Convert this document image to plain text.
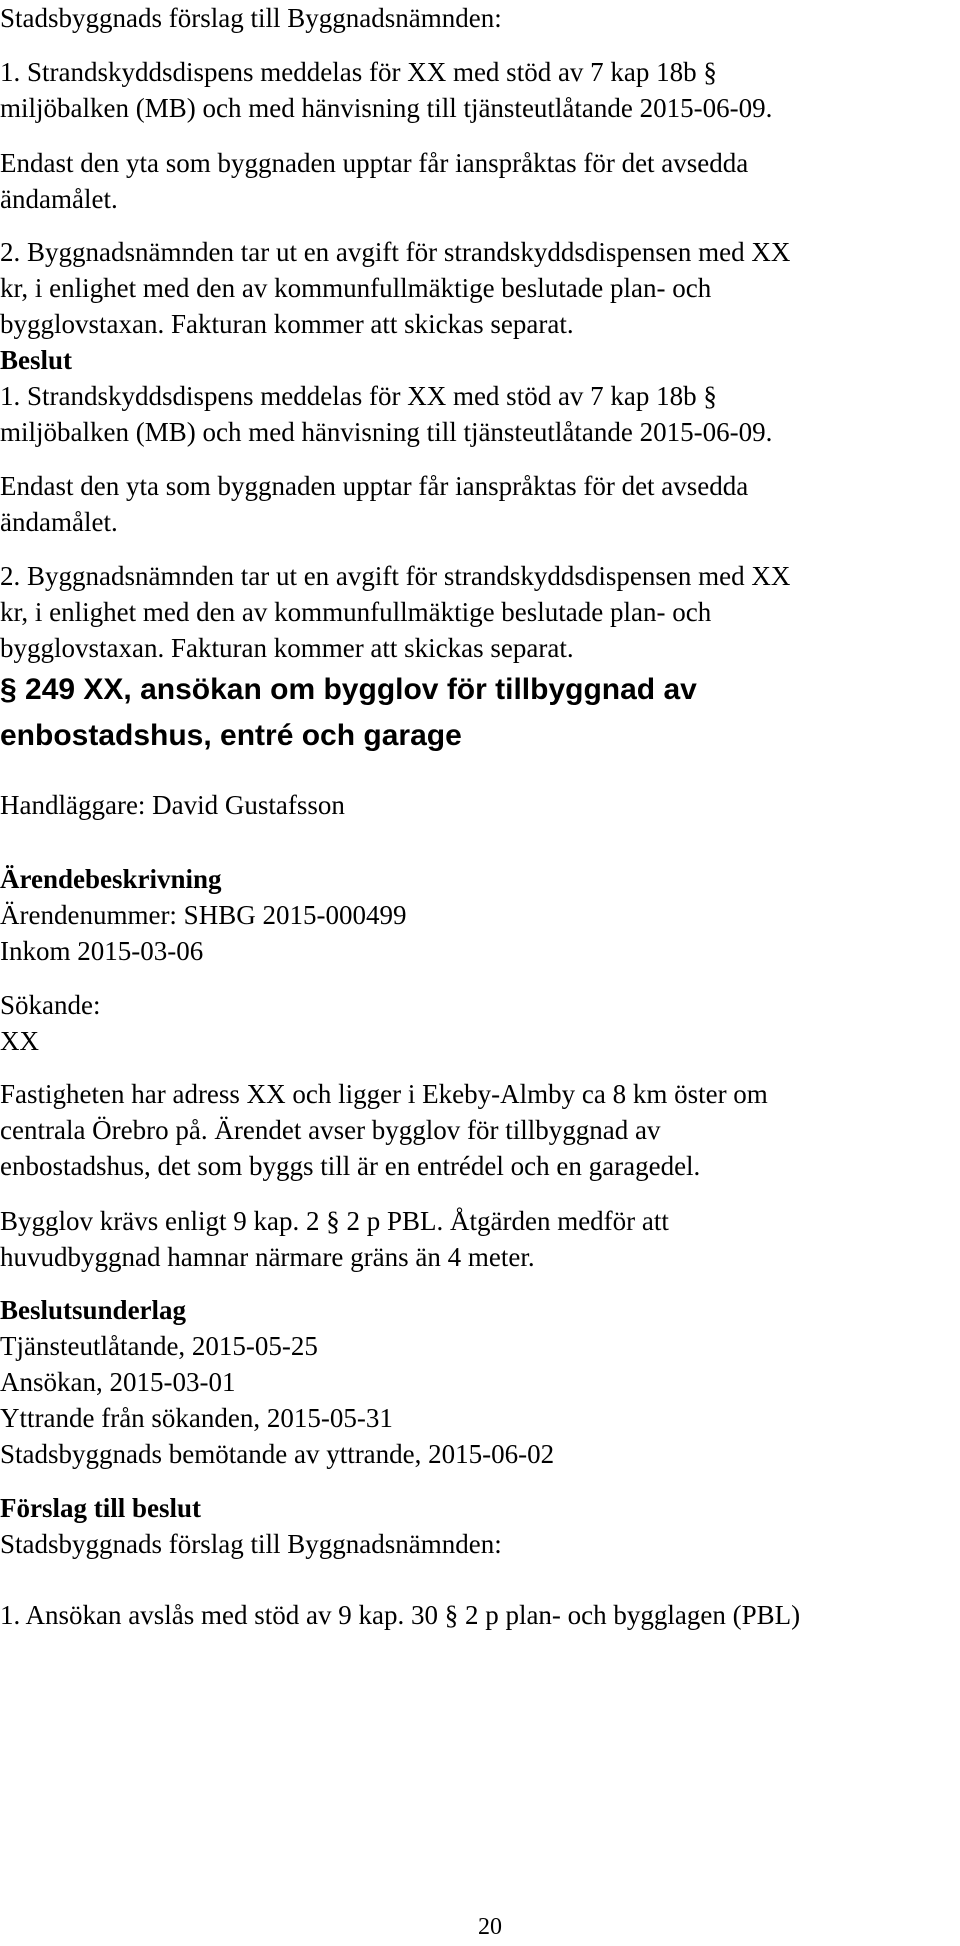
Stadsbyggnads förslag till Byggnadsnämnden:
1. Strandskyddsdispens meddelas för XX med stöd av 7 kap 18b §
miljöbalken (MB) och med hänvisning till tjänsteutlåtande 2015-06-09.
Endast den yta som byggnaden upptar får ianspråktas för det avsedda
ändamålet.
2. Byggnadsnämnden tar ut en avgift för strandskyddsdispensen med XX
kr, i enlighet med den av kommunfullmäktige beslutade plan- och
bygglovstaxan. Fakturan kommer att skickas separat.
Beslut
1. Strandskyddsdispens meddelas för XX med stöd av 7 kap 18b §
miljöbalken (MB) och med hänvisning till tjänsteutlåtande 2015-06-09.
Endast den yta som byggnaden upptar får ianspråktas för det avsedda
ändamålet.
2. Byggnadsnämnden tar ut en avgift för strandskyddsdispensen med XX
kr, i enlighet med den av kommunfullmäktige beslutade plan- och
bygglovstaxan. Fakturan kommer att skickas separat.
§ 249 XX, ansökan om bygglov för tillbyggnad av
enbostadshus, entré och garage
Handläggare: David Gustafsson
Ärendebeskrivning
Ärendenummer: SHBG 2015-000499
Inkom 2015-03-06
Sökande:
XX
Fastigheten har adress XX och ligger i Ekeby-Almby ca 8 km öster om
centrala Örebro på. Ärendet avser bygglov för tillbyggnad av
enbostadshus, det som byggs till är en entrédel och en garagedel.
Bygglov krävs enligt 9 kap. 2 § 2 p PBL. Åtgärden medför att
huvudbyggnad hamnar närmare gräns än 4 meter.
Beslutsunderlag
Tjänsteutlåtande, 2015-05-25
Ansökan, 2015-03-01
Yttrande från sökanden, 2015-05-31
Stadsbyggnads bemötande av yttrande, 2015-06-02
Förslag till beslut
Stadsbyggnads förslag till Byggnadsnämnden:
1. Ansökan avslås med stöd av 9 kap. 30 § 2 p plan- och bygglagen (PBL)
20
